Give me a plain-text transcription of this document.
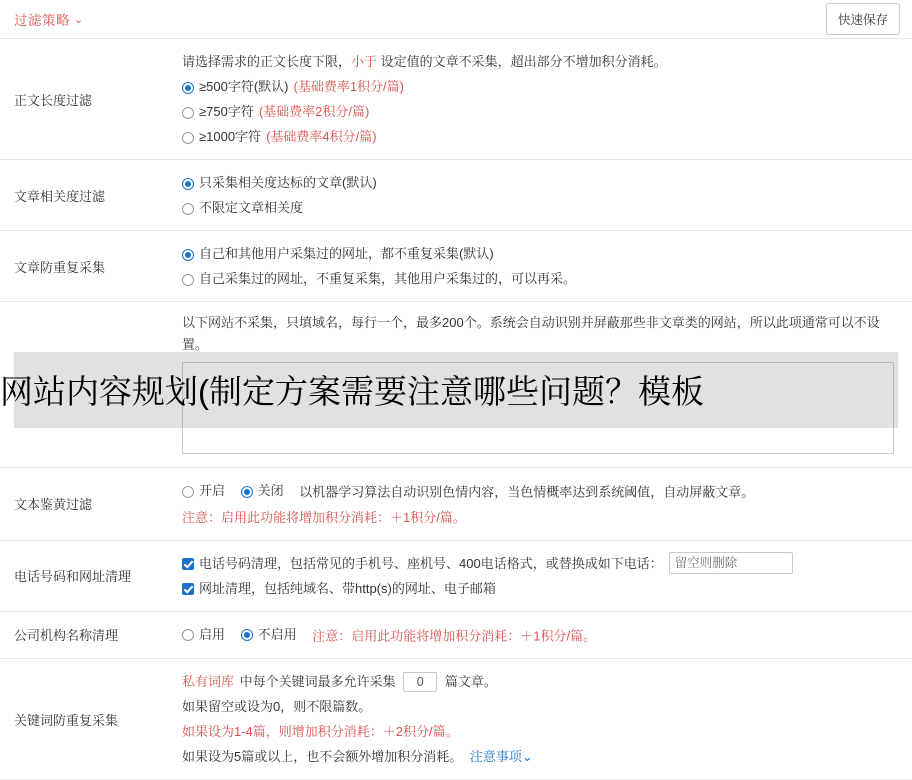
过滤策略 ⌄	快速保存
正文长度过滤
请选择需求的正文长度下限，小于 设定值的文章不采集，超出部分不增加积分消耗。
≥500字符(默认) (基础费率1积分/篇)
≥750字符 (基础费率2积分/篇)
≥1000字符 (基础费率4积分/篇)
文章相关度过滤
只采集相关度达标的文章(默认)
不限定文章相关度
文章防重复采集
自己和其他用户采集过的网址，都不重复采集(默认)
自己采集过的网址，不重复采集，其他用户采集过的，可以再采。
以下网站不采集，只填域名，每行一个，最多200个。系统会自动识别并屏蔽那些非文章类的网站，所以此项通常可以不设置。
文本鉴黄过滤
开启
	关闭 以机器学习算法自动识别色情内容，当色情概率达到系统阈值，自动屏蔽文章。
注意：启用此功能将增加积分消耗：＋1积分/篇。
电话号码和网址清理
电话号码清理，包括常见的手机号、座机号、400电话格式，或替换成如下电话：
留空则删除
网址清理，包括纯域名、带http(s)的网址、电子邮箱
公司机构名称清理	启用
	不启用 注意：启用此功能将增加积分消耗：＋1积分/篇。
关键词防重复采集
私有词库 中每个关键词最多允许采集 0	篇文章。
如果留空或设为0，则不限篇数。
如果设为1-4篇，则增加积分消耗：＋2积分/篇。
如果设为5篇或以上，也不会额外增加积分消耗。 注意事项⌄
网站内容规划(制定方案需要注意哪些问题？模板
